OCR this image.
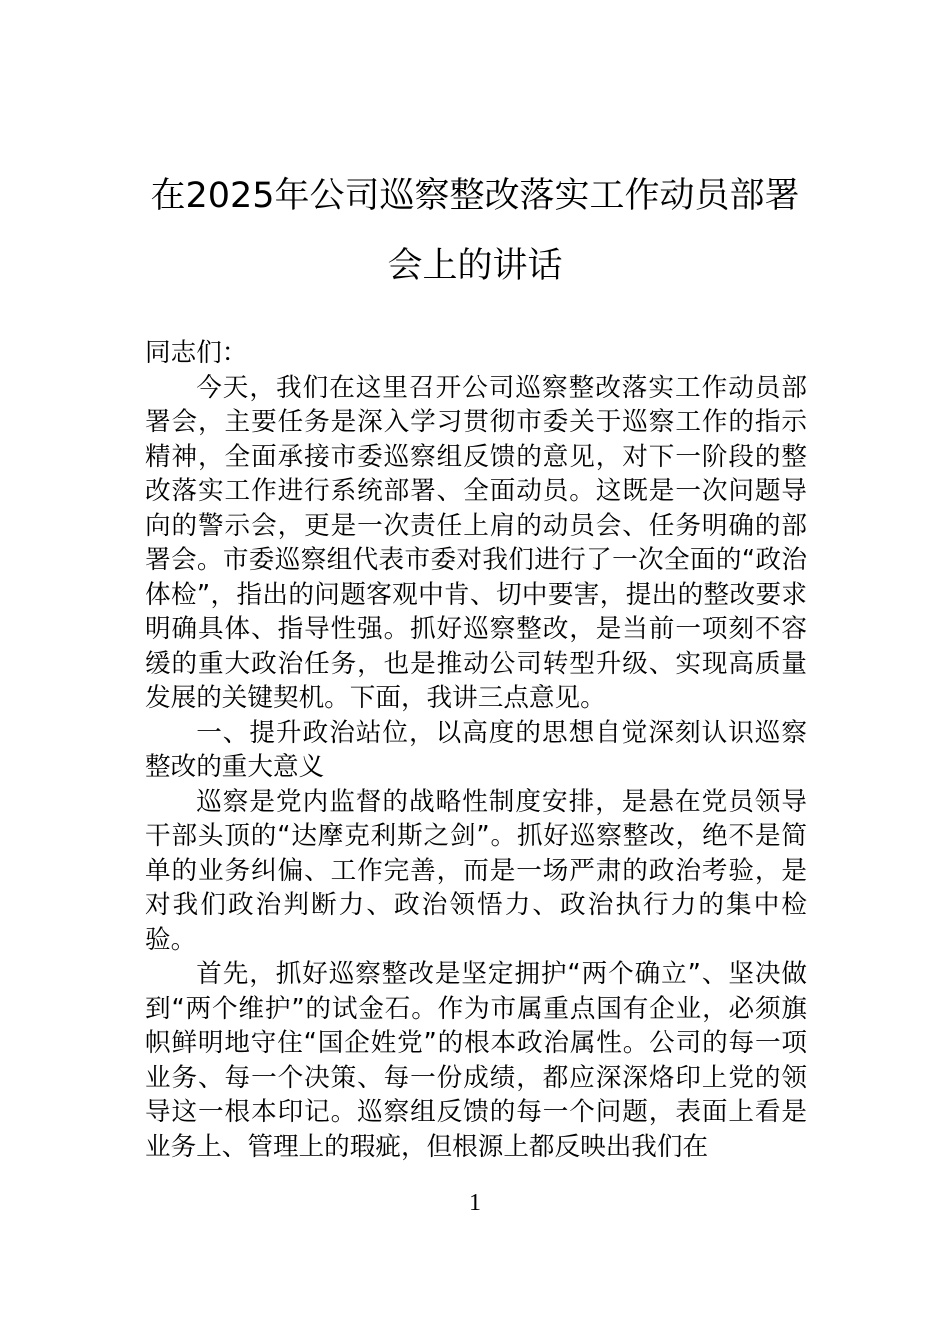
在2025年公司巡察整改落实工作动员部署
会上的讲话

同志们：

今天，我们在这里召开公司巡察整改落实工作动员部署会，主要任务是深入学习贯彻市委关于巡察工作的指示精神，全面承接市委巡察组反馈的意见，对下一阶段的整改落实工作进行系统部署、全面动员。这既是一次问题导向的警示会，更是一次责任上肩的动员会、任务明确的部署会。市委巡察组代表市委对我们进行了一次全面的“政治体检”，指出的问题客观中肯、切中要害，提出的整改要求明确具体、指导性强。抓好巡察整改，是当前一项刻不容缓的重大政治任务，也是推动公司转型升级、实现高质量发展的关键契机。下面，我讲三点意见。

一、提升政治站位，以高度的思想自觉深刻认识巡察整改的重大意义

巡察是党内监督的战略性制度安排，是悬在党员领导干部头顶的“达摩克利斯之剑”。抓好巡察整改，绝不是简单的业务纠偏、工作完善，而是一场严肃的政治考验，是对我们政治判断力、政治领悟力、政治执行力的集中检验。

首先，抓好巡察整改是坚定拥护“两个确立”、坚决做到“两个维护”的试金石。作为市属重点国有企业，必须旗帜鲜明地守住“国企姓党”的根本政治属性。公司的每一项业务、每一个决策、每一份成绩，都应深深烙印上党的领导这一根本印记。巡察组反馈的每一个问题，表面上看是业务上、管理上的瑕疵，但根源上都反映出我们在

1
